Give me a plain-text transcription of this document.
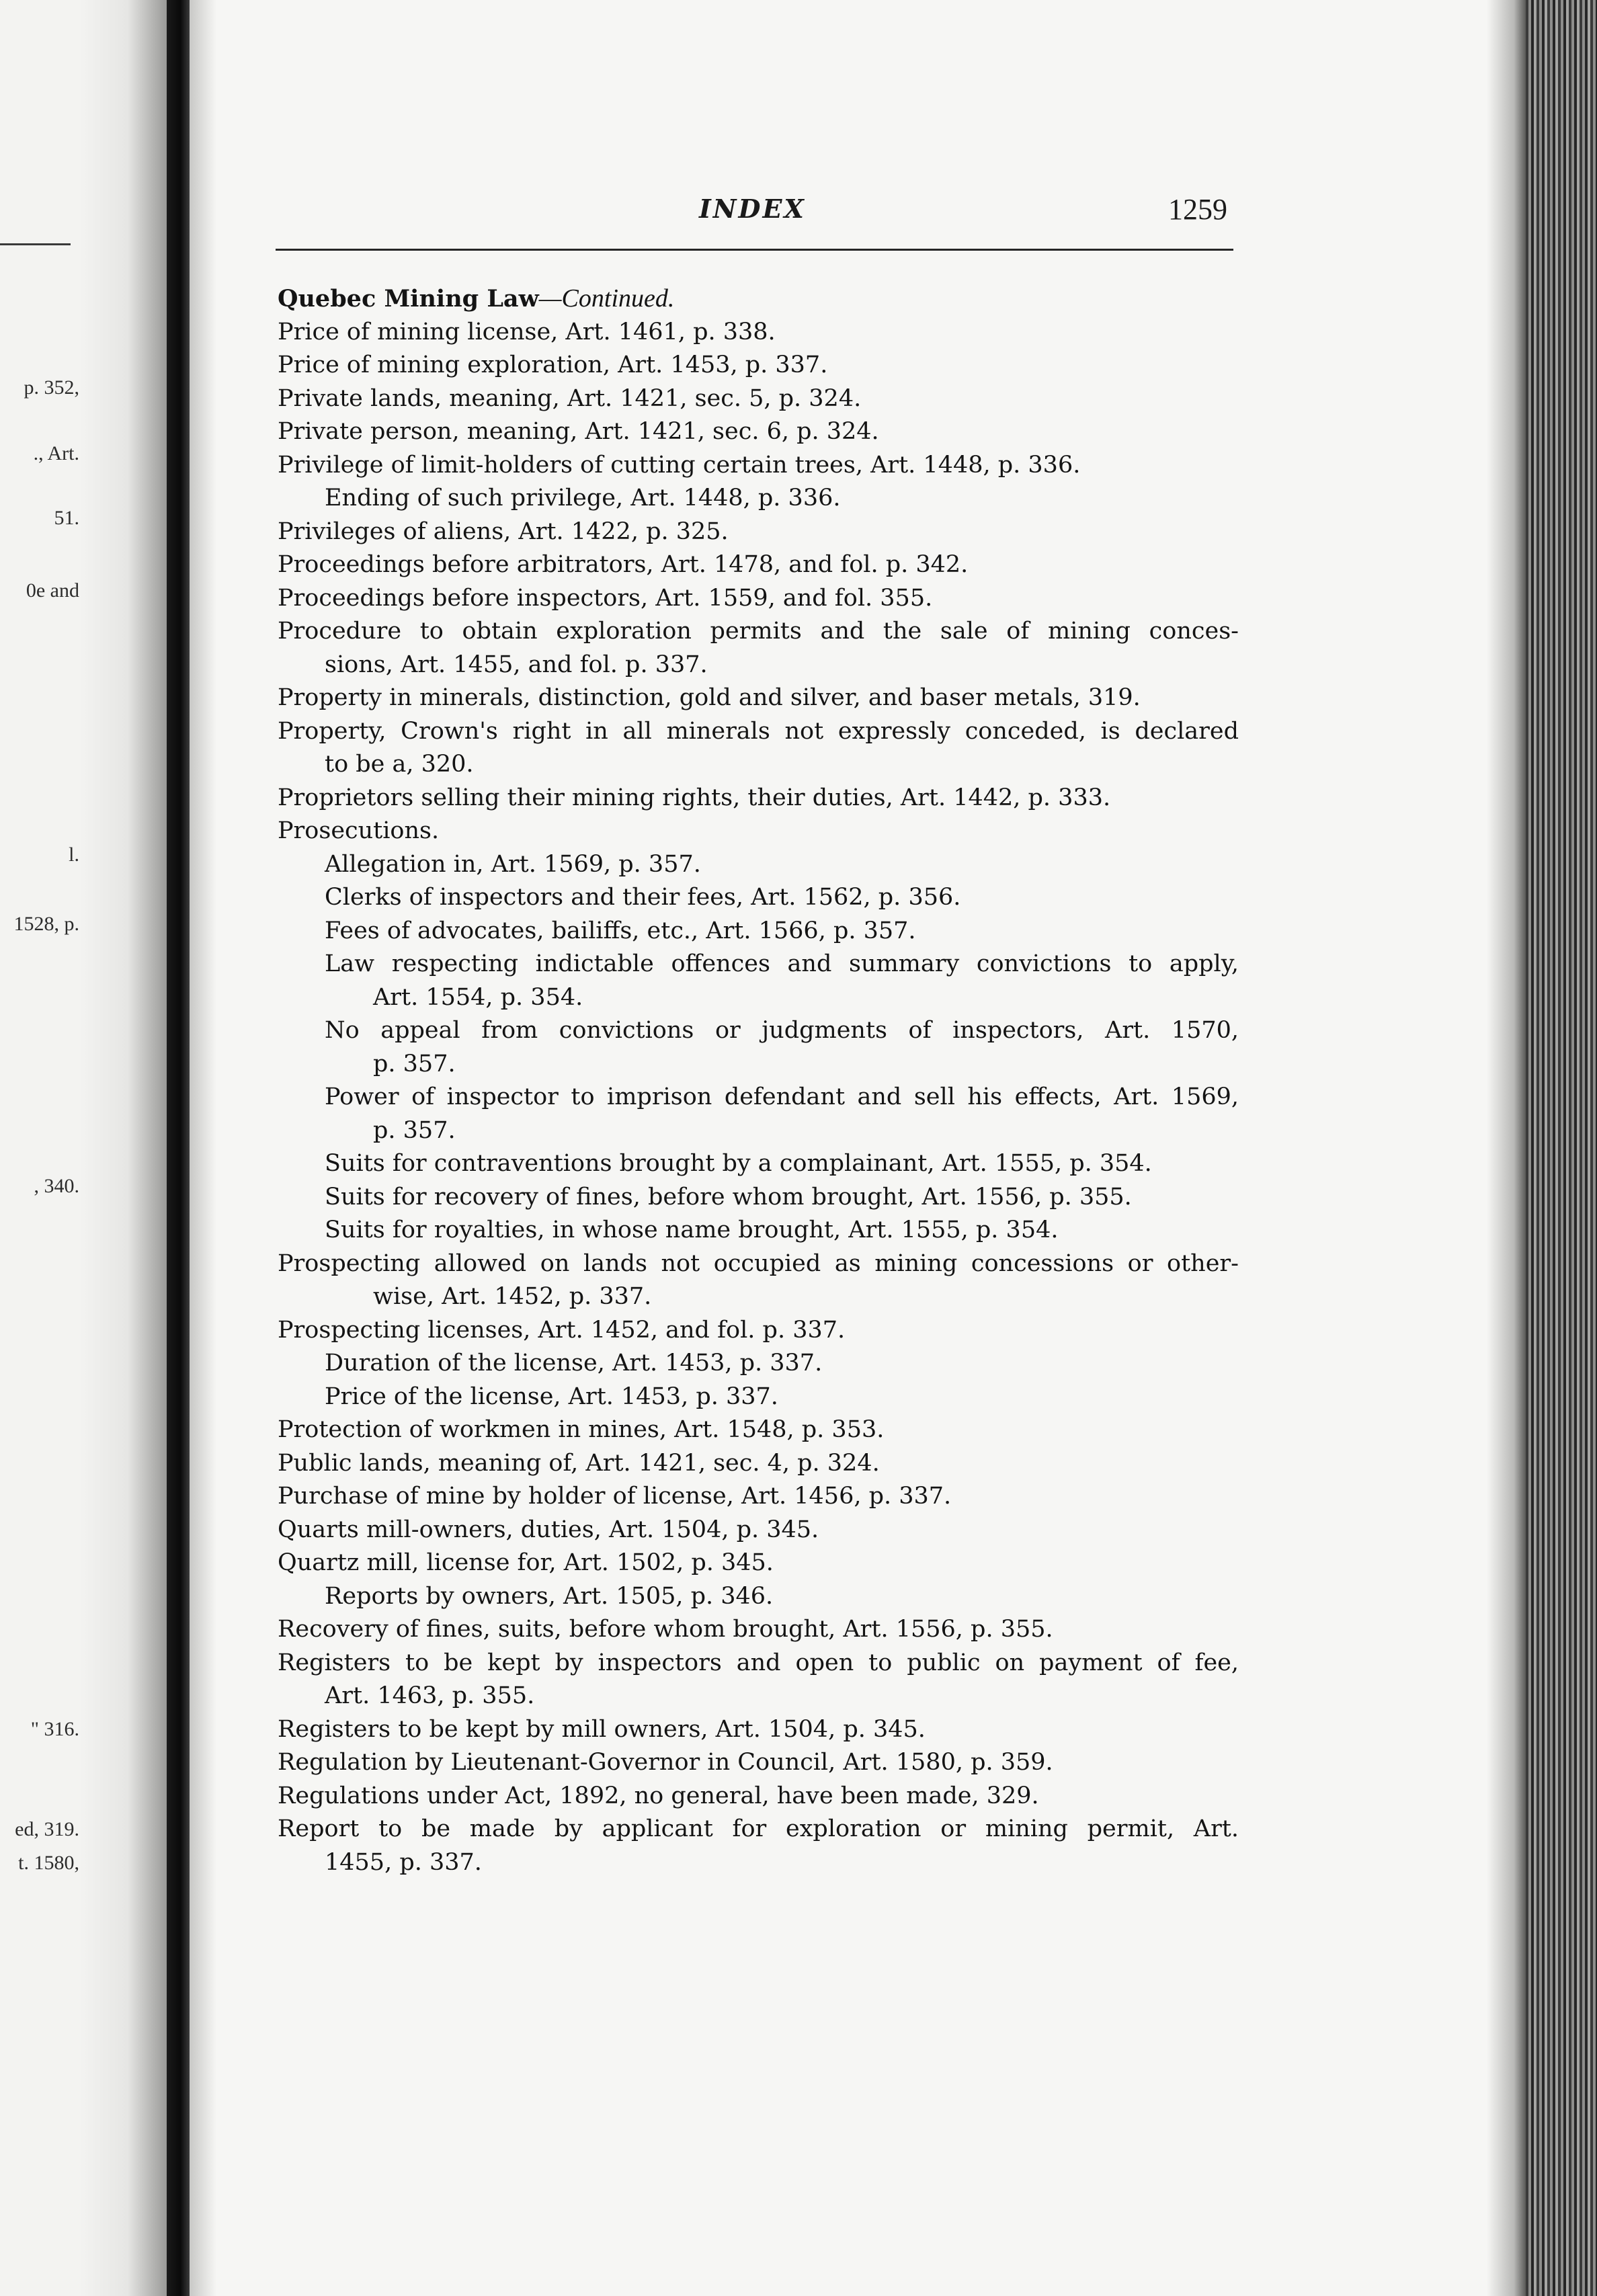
p. 352,
., Art.
51.
0е and
l.
1528, p.
, 340.
" 316.
ed, 319.
t. 1580,
INDEX	1259
Quebec Mining Law—Continued.
Price of mining license, Art. 1461, p. 338.
Price of mining exploration, Art. 1453, p. 337.
Private lands, meaning, Art. 1421, sec. 5, p. 324.
Private person, meaning, Art. 1421, sec. 6, p. 324.
Privilege of limit-holders of cutting certain trees, Art. 1448, p. 336.
Ending of such privilege, Art. 1448, p. 336.
Privileges of aliens, Art. 1422, p. 325.
Proceedings before arbitrators, Art. 1478, and fol. p. 342.
Proceedings before inspectors, Art. 1559, and fol. 355.
Procedure to obtain exploration permits and the sale of mining conces-
sions, Art. 1455, and fol. p. 337.
Property in minerals, distinction, gold and silver, and baser metals, 319.
Property, Crown's right in all minerals not expressly conceded, is declared
to be a, 320.
Proprietors selling their mining rights, their duties, Art. 1442, p. 333.
Prosecutions.
Allegation in, Art. 1569, p. 357.
Clerks of inspectors and their fees, Art. 1562, p. 356.
Fees of advocates, bailiffs, etc., Art. 1566, p. 357.
Law respecting indictable offences and summary convictions to apply,
Art. 1554, p. 354.
No appeal from convictions or judgments of inspectors, Art. 1570,
p. 357.
Power of inspector to imprison defendant and sell his effects, Art. 1569,
p. 357.
Suits for contraventions brought by a complainant, Art. 1555, p. 354.
Suits for recovery of fines, before whom brought, Art. 1556, p. 355.
Suits for royalties, in whose name brought, Art. 1555, p. 354.
Prospecting allowed on lands not occupied as mining concessions or other-
wise, Art. 1452, p. 337.
Prospecting licenses, Art. 1452, and fol. p. 337.
Duration of the license, Art. 1453, p. 337.
Price of the license, Art. 1453, p. 337.
Protection of workmen in mines, Art. 1548, p. 353.
Public lands, meaning of, Art. 1421, sec. 4, p. 324.
Purchase of mine by holder of license, Art. 1456, p. 337.
Quarts mill-owners, duties, Art. 1504, p. 345.
Quartz mill, license for, Art. 1502, p. 345.
Reports by owners, Art. 1505, p. 346.
Recovery of fines, suits, before whom brought, Art. 1556, p. 355.
Registers to be kept by inspectors and open to public on payment of fee,
Art. 1463, p. 355.
Registers to be kept by mill owners, Art. 1504, p. 345.
Regulation by Lieutenant-Governor in Council, Art. 1580, p. 359.
Regulations under Act, 1892, no general, have been made, 329.
Report to be made by applicant for exploration or mining permit, Art.
1455, p. 337.
